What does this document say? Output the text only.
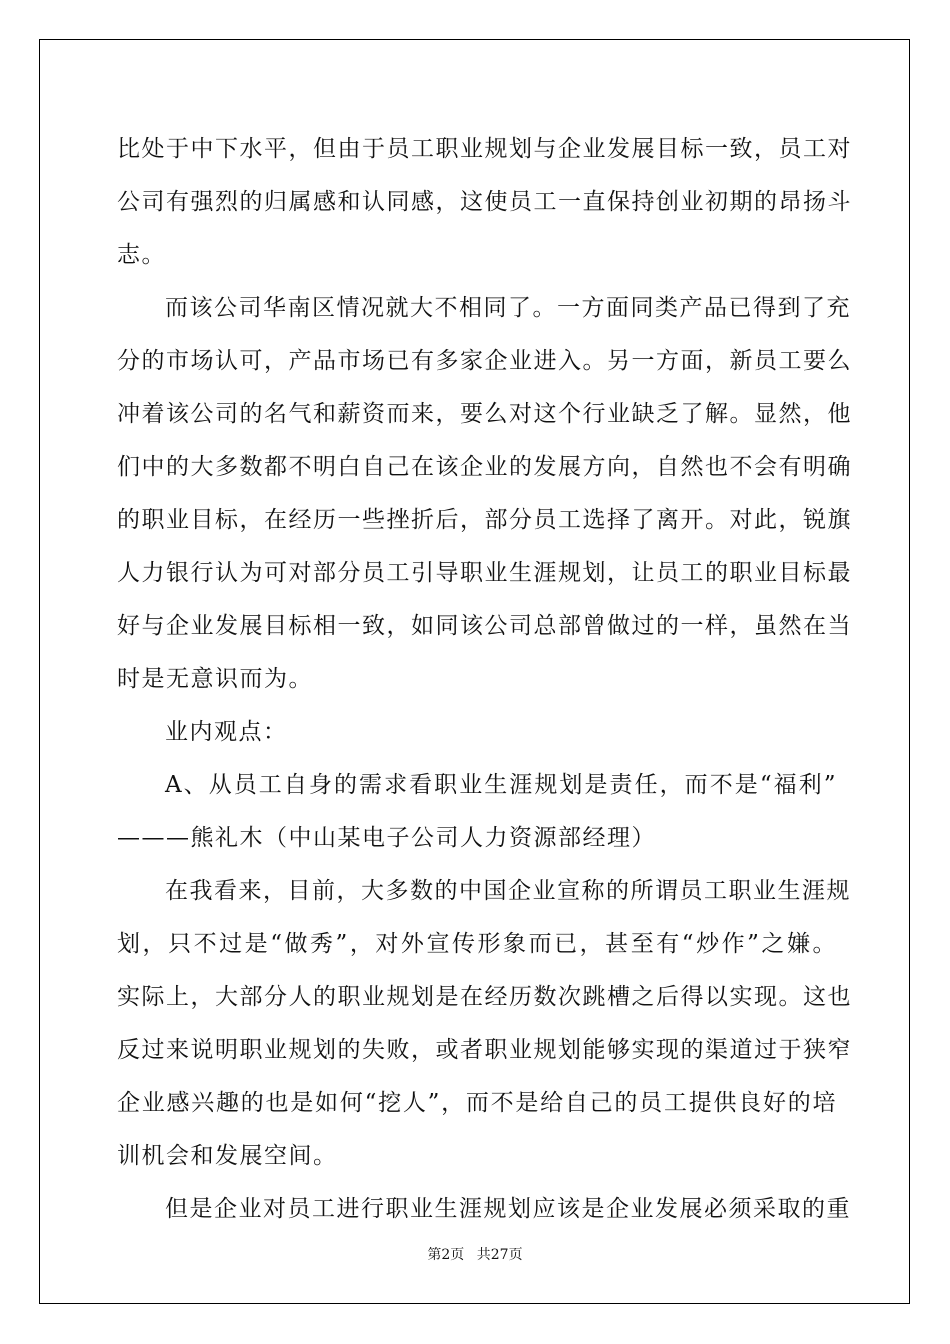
比处于中下水平，但由于员工职业规划与企业发展目标一致，员工对
公司有强烈的归属感和认同感，这使员工一直保持创业初期的昂扬斗
志。
而该公司华南区情况就大不相同了。一方面同类产品已得到了充
分的市场认可，产品市场已有多家企业进入。另一方面，新员工要么
冲着该公司的名气和薪资而来，要么对这个行业缺乏了解。显然，他
们中的大多数都不明白自己在该企业的发展方向，自然也不会有明确
的职业目标，在经历一些挫折后，部分员工选择了离开。对此，锐旗
人力银行认为可对部分员工引导职业生涯规划，让员工的职业目标最
好与企业发展目标相一致，如同该公司总部曾做过的一样，虽然在当
时是无意识而为。
业内观点：
A、从员工自身的需求看职业生涯规划是责任，而不是“福利”
———熊礼木（中山某电子公司人力资源部经理）
在我看来，目前，大多数的中国企业宣称的所谓员工职业生涯规
划，只不过是“做秀”，对外宣传形象而已，甚至有“炒作”之嫌。
实际上，大部分人的职业规划是在经历数次跳槽之后得以实现。这也
反过来说明职业规划的失败，或者职业规划能够实现的渠道过于狭窄
企业感兴趣的也是如何“挖人”，而不是给自己的员工提供良好的培
训机会和发展空间。
但是企业对员工进行职业生涯规划应该是企业发展必须采取的重
第2页 共27页
